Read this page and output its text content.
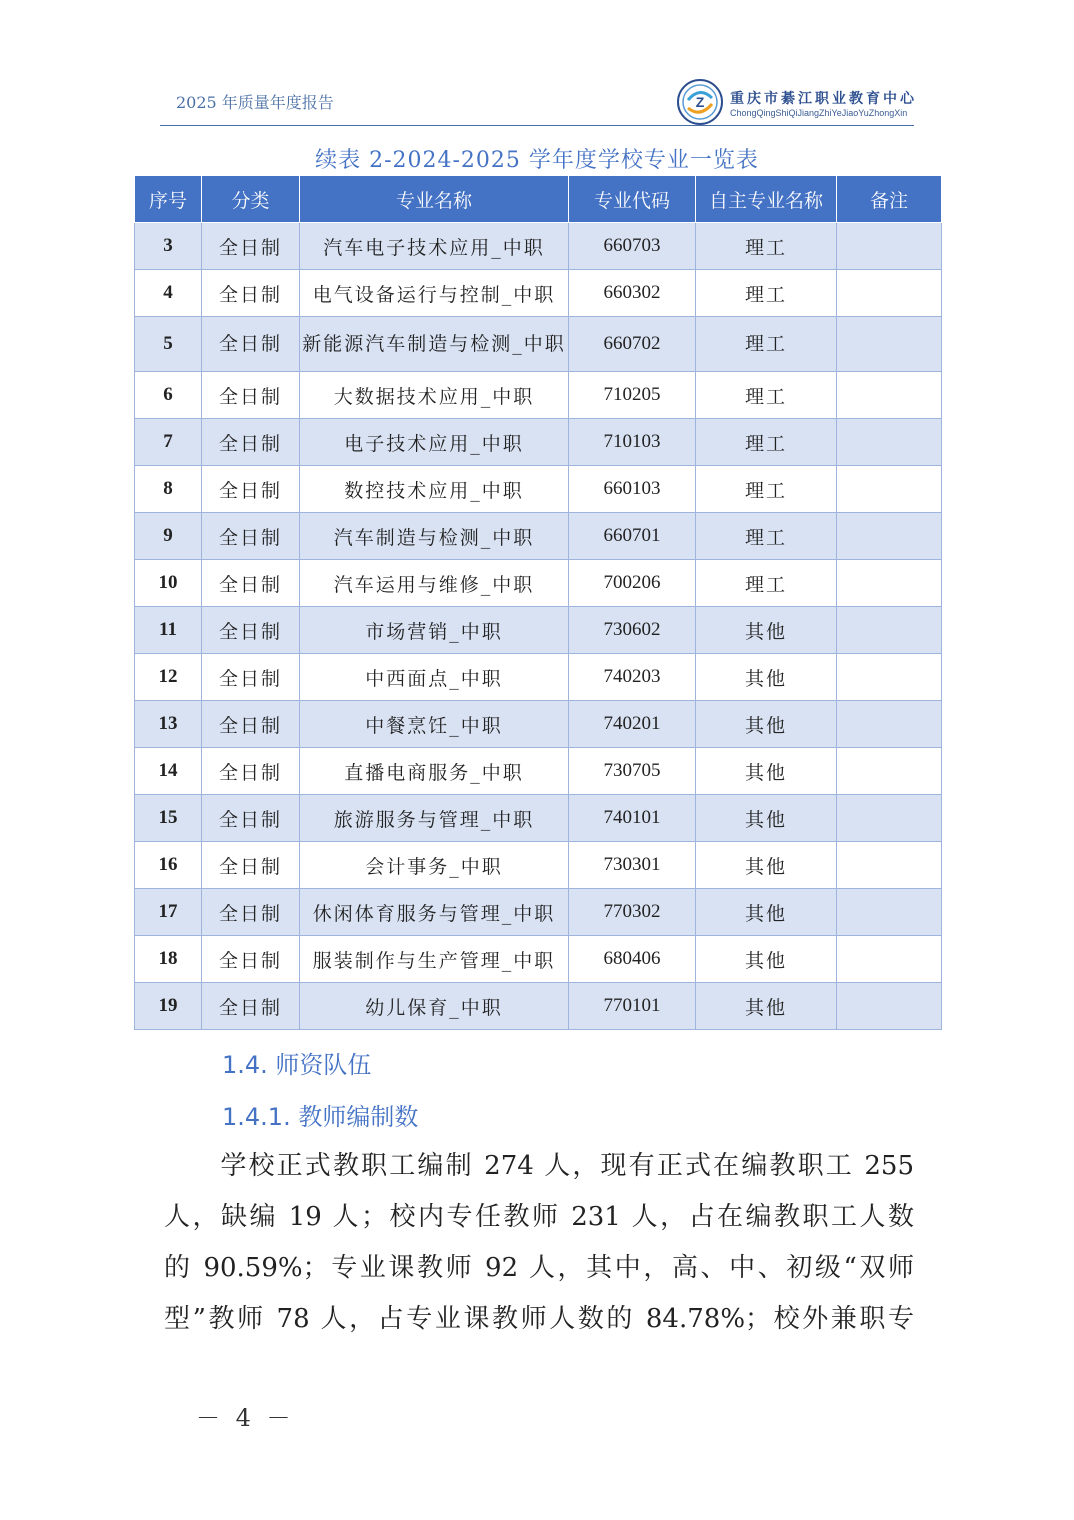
2025 年质量年度报告	Z 重庆市綦江职业教育中心
ChongQingShiQiJiangZhiYeJiaoYuZhongXin
续表 2-2024-2025 学年度学校专业一览表
序号	分类	专业名称	专业代码	自主专业名称	备注
3	全日制	汽车电子技术应用_中职	660703	理工	
4	全日制	电气设备运行与控制_中职	660302	理工	
5	全日制	新能源汽车制造与检测_中职	660702	理工	
6	全日制	大数据技术应用_中职	710205	理工	
7	全日制	电子技术应用_中职	710103	理工	
8	全日制	数控技术应用_中职	660103	理工	
9	全日制	汽车制造与检测_中职	660701	理工	
10	全日制	汽车运用与维修_中职	700206	理工	
11	全日制	市场营销_中职	730602	其他	
12	全日制	中西面点_中职	740203	其他	
13	全日制	中餐烹饪_中职	740201	其他	
14	全日制	直播电商服务_中职	730705	其他	
15	全日制	旅游服务与管理_中职	740101	其他	
16	全日制	会计事务_中职	730301	其他	
17	全日制	休闲体育服务与管理_中职	770302	其他	
18	全日制	服装制作与生产管理_中职	680406	其他	
19	全日制	幼儿保育_中职	770101	其他	
1.4. 师资队伍
1.4.1. 教师编制数
　　学校正式教职工编制 274 人，现有正式在编教职工 255
人，缺编 19 人；校内专任教师 231 人，占在编教职工人数
的 90.59%；专业课教师 92 人，其中，高、中、初级“双师
型”教师 78 人，占专业课教师人数的 84.78%；校外兼职专
－ 4 －
